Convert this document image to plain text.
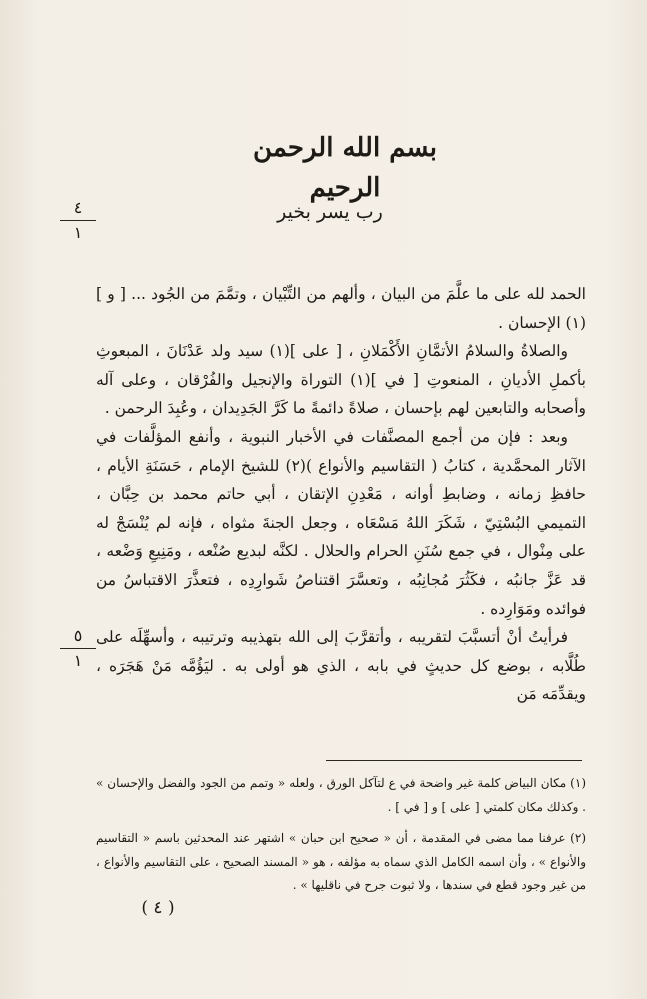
بسم الله الرحمن الرحيم
٤
١
رب يسر بخير

الحمد لله على ما علَّمَ من البيان ، وألهم من التِّبْيان ، وتمَّمَ من الجُود ... [ و ](١) الإحسان .

والصلاةُ والسلامُ الأتمَّانِ الأَكْمَلانِ ، [ على ](١) سيد ولد عَدْنَانَ ، المبعوثِ بأكملِ الأديانِ ، المنعوتِ [ في ](١) التوراة والإنجيل والفُرْقان ، وعلى آله وأصحابه والتابعين لهم بإحسان ، صلاةً دائمةً ما كَرَّ الجَدِيدان ، وعُبِدَ الرحمن .

وبعد : فإن من أجمع المصنَّفات في الأخبار النبوية ، وأنفع المؤلَّفات في الآثار المحمَّدية ، كتابُ ( التقاسيم والأنواع )(٢) للشيخ الإمام ، حَسَنَةِ الأيام ، حافظِ زمانه ، وضابطِ أوانه ، مَعْدِنِ الإتقان ، أبي حاتم محمد بن حِبَّان ، التميمي البُسْتِيّ ، شَكَرَ اللهُ مَسْعَاه ، وجعل الجنةَ مثواه ، فإنه لم يُنْسَجْ له على مِنْوال ، في جمع سُنَنِ الحرام والحلال . لكنَّه لبديع صُنْعه ، ومَنِيعِ وَضْعه ، قد عَزَّ جانبُه ، فكَثُرَ مُجانِبُه ، وتعسَّرَ اقتناصُ شَوارِدِه ، فتعذَّرَ الاقتباسُ من فوائده ومَوَارِده .

فرأيتُ أنْ أتسبَّبَ لتقريبه ، وأتقرَّبَ إلى الله بتهذيبه وترتيبه ، وأسهِّلَه على طُلَّابه ، بوضع كل حديثٍ في بابه ، الذي هو أولى به . ليَؤُمَّه مَنْ هَجَرَه ، ويقدِّمَه مَن

٥
١

(١) مكان البياض كلمة غير واضحة في ع لتآكل الورق ، ولعله « وتمم من الجود والفضل والإحسان » . وكذلك مكان كلمتي [ على ] و [ في ] .

(٢) عرفنا مما مضى في المقدمة ، أن « صحيح ابن حبان » اشتهر عند المحدثين باسم « التقاسيم والأنواع » ، وأن اسمه الكامل الذي سماه به مؤلفه ، هو « المسند الصحيح ، على التقاسيم والأنواع ، من غير وجود قطع في سندها ، ولا ثبوت جرح في ناقليها » .

( ٤ )
